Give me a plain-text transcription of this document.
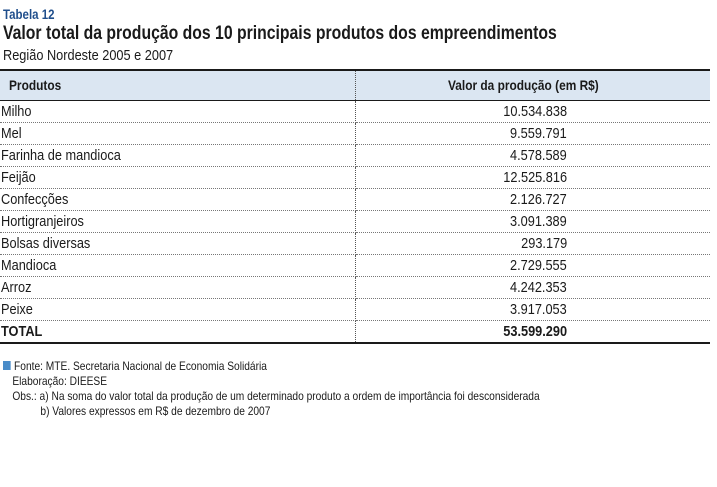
Tabela 12
Valor total da produção dos 10 principais produtos dos empreendimentos
Região Nordeste 2005 e 2007
Produtos	Valor da produção (em R$)
Milho	10.534.838
Mel	9.559.791
Farinha de mandioca	4.578.589
Feijão	12.525.816
Confecções	2.126.727
Hortigranjeiros	3.091.389
Bolsas diversas	293.179
Mandioca	2.729.555
Arroz	4.242.353
Peixe	3.917.053
TOTAL	53.599.290
Fonte: MTE. Secretaria Nacional de Economia Solidária
Elaboração: DIEESE
Obs.: a) Na soma do valor total da produção de um determinado produto a ordem de importância foi desconsiderada
b) Valores expressos em R$ de dezembro de 2007
